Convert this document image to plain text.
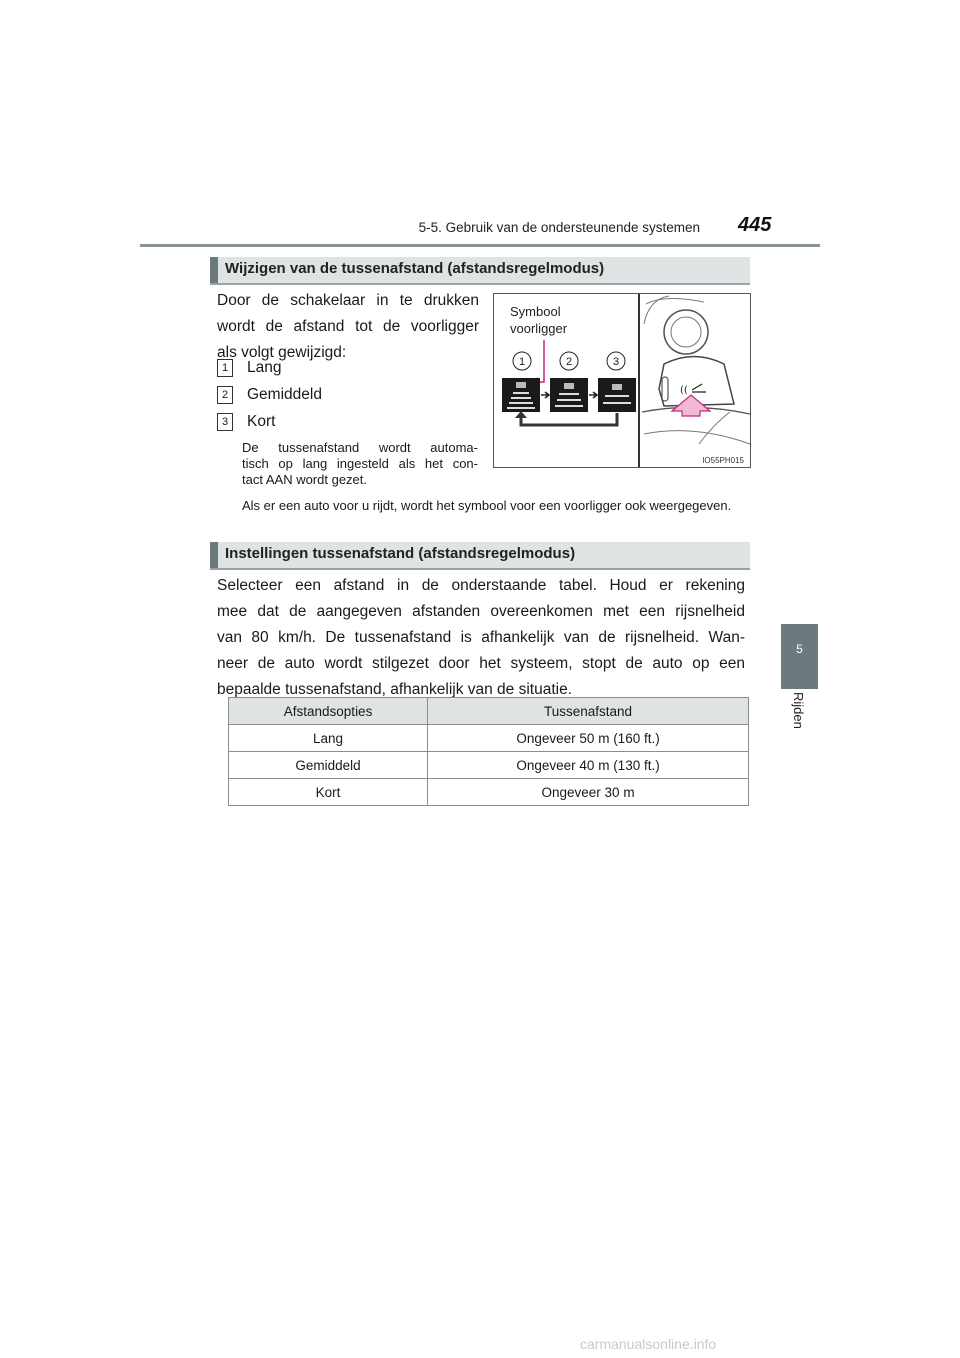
5-5. Gebruik van de ondersteunende systemen 445
5
Rijden
Wijzigen van de tussenafstand (afstandsregelmodus)
Door de schakelaar in te drukken
wordt de afstand tot de voorligger
als volgt gewijzigd:
1 Lang
2 Gemiddeld
3 Kort
De tussenafstand wordt automa-
tisch op lang ingesteld als het con-
tact AAN wordt gezet.
Als er een auto voor u rijdt, wordt het symbool voor een voorligger ook weergegeven.
((
Symbool
voorligger
1	2	3
IO55PH015
Instellingen tussenafstand (afstandsregelmodus)
Selecteer een afstand in de onderstaande tabel. Houd er rekening
mee dat de aangegeven afstanden overeenkomen met een rijsnelheid
van 80 km/h. De tussenafstand is afhankelijk van de rijsnelheid. Wan-
neer de auto wordt stilgezet door het systeem, stopt de auto op een
bepaalde tussenafstand, afhankelijk van de situatie.
Afstandsopties	Tussenafstand
Lang	Ongeveer 50 m (160 ft.)
Gemiddeld	Ongeveer 40 m (130 ft.)
Kort	Ongeveer 30 m
carmanualsonline.info
